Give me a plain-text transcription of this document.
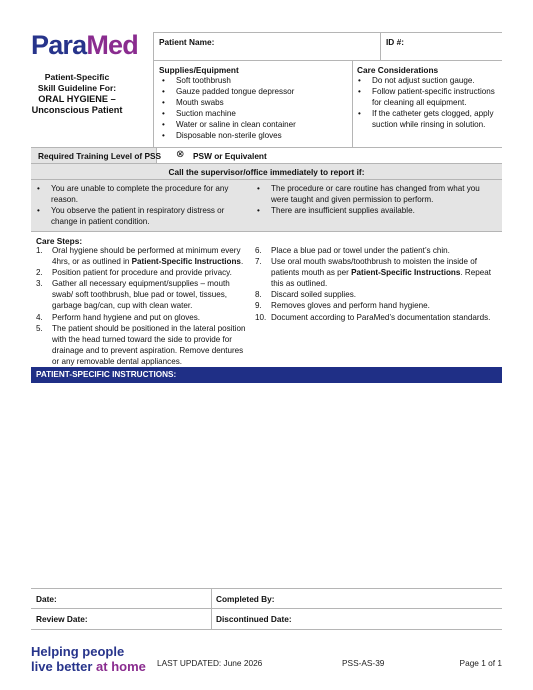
ParaMed
Patient-Specific
Skill Guideline For:
ORAL HYGIENE –
Unconscious Patient
Patient Name:	ID #:
Supplies/Equipment
• Soft toothbrush
• Gauze padded tongue depressor
• Mouth swabs
• Suction machine
• Water or saline in clean container
• Disposable non-sterile gloves
Care Considerations
• Do not adjust suction gauge.
• Follow patient-specific instructions for cleaning all equipment.
• If the catheter gets clogged, apply suction while rinsing in solution.
Required Training Level of PSS ⊗ PSW or Equivalent
Call the supervisor/office immediately to report if:
• You are unable to complete the procedure for any reason.
• You observe the patient in respiratory distress or change in patient condition.
• The procedure or care routine has changed from what you were taught and given permission to perform.
• There are insufficient supplies available.
Care Steps:
1. Oral hygiene should be performed at minimum every 4hrs, or as outlined in Patient-Specific Instructions.
2. Position patient for procedure and provide privacy.
3. Gather all necessary equipment/supplies – mouth swab/ soft toothbrush, blue pad or towel, tissues, garbage bag/can, cup with clean water.
4. Perform hand hygiene and put on gloves.
5. The patient should be positioned in the lateral position with the head turned toward the side to provide for drainage and to prevent aspiration. Remove dentures or any removable dental appliances.
6. Place a blue pad or towel under the patient’s chin.
7. Use oral mouth swabs/toothbrush to moisten the inside of patients mouth as per Patient-Specific Instructions. Repeat this as outlined.
8. Discard soiled supplies.
9. Removes gloves and perform hand hygiene.
10. Document according to ParaMed’s documentation standards.
PATIENT-SPECIFIC INSTRUCTIONS:
Date:	Completed By:
Review Date:	Discontinued Date:
Helping people
live better at home LAST UPDATED: June 2026	PSS-AS-39	Page 1 of 1
